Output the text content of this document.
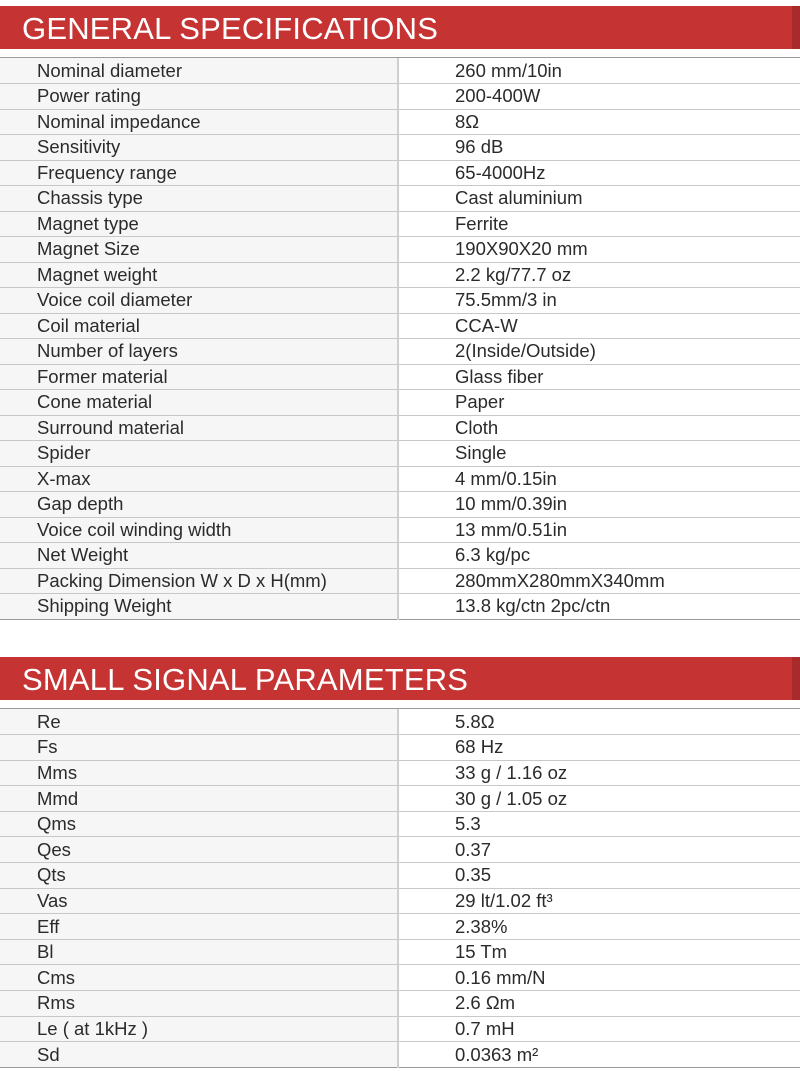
GENERAL SPECIFICATIONS
Nominal diameter	260 mm/10in
Power rating	200-400W
Nominal impedance	8Ω
Sensitivity	96 dB
Frequency range	65-4000Hz
Chassis type	Cast aluminium
Magnet type	Ferrite
Magnet Size	190X90X20 mm
Magnet weight	2.2 kg/77.7 oz
Voice coil diameter	75.5mm/3 in
Coil material	CCA-W
Number of layers	2(Inside/Outside)
Former material	Glass fiber
Cone material	Paper
Surround material	Cloth
Spider	Single
X-max	4 mm/0.15in
Gap depth	10 mm/0.39in
Voice coil winding width	13 mm/0.51in
Net Weight	6.3 kg/pc
Packing Dimension W x D x H(mm)	280mmX280mmX340mm
Shipping Weight	13.8 kg/ctn 2pc/ctn
SMALL SIGNAL PARAMETERS
Re	5.8Ω
Fs	68 Hz
Mms	33 g / 1.16 oz
Mmd	30 g / 1.05 oz
Qms	5.3
Qes	0.37
Qts	0.35
Vas	29 lt/1.02 ft³
Eff	2.38%
Bl	15 Tm
Cms	0.16 mm/N
Rms	2.6 Ωm
Le ( at 1kHz )	0.7 mH
Sd	0.0363 m²
